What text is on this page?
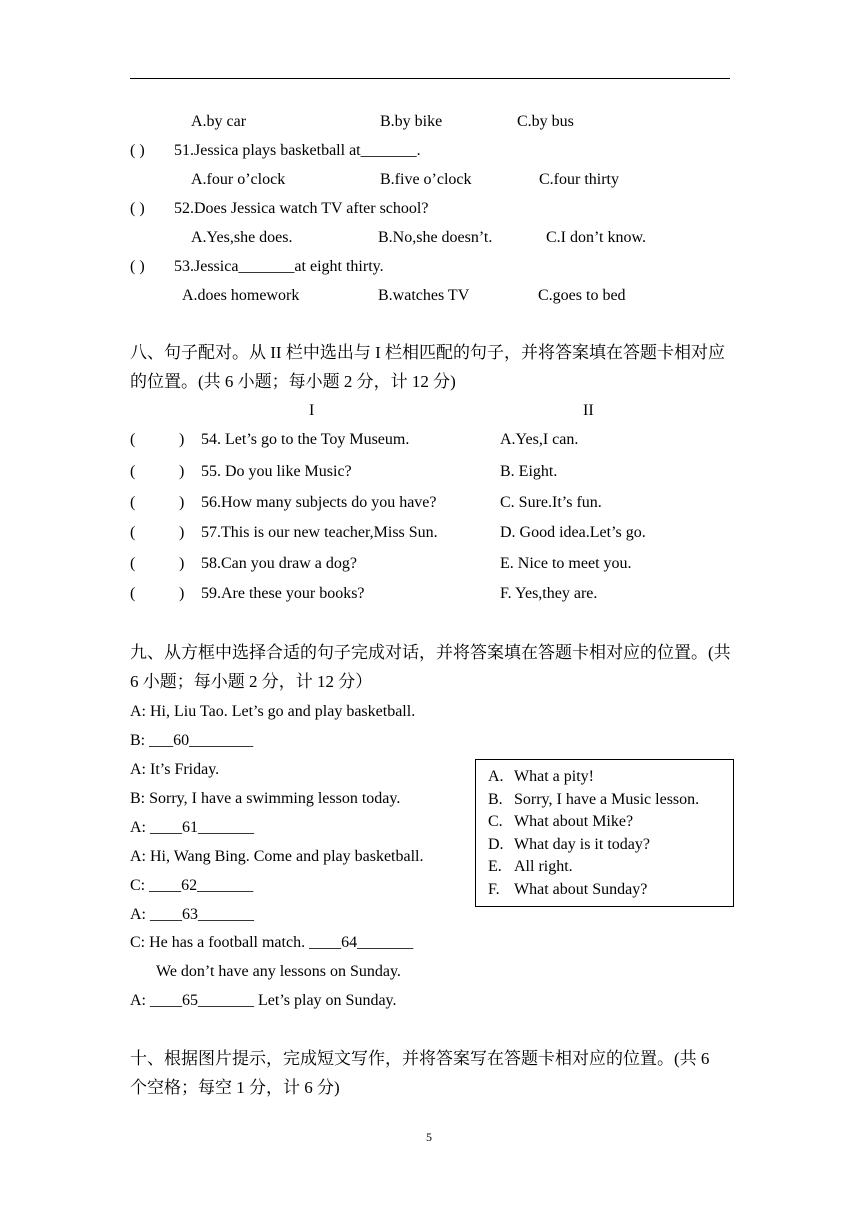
A.by car	B.by bike	C.by bus
( ) 51.Jessica plays basketball at_______.
A.four o’clock	B.five o’clock	C.four thirty
( ) 52.Does Jessica watch TV after school?
A.Yes,she does.	B.No,she doesn’t.	C.I don’t know.
( ) 53.Jessica_______at eight thirty.
A.does homework	B.watches TV	C.goes to bed
八、句子配对。从 II 栏中选出与 I 栏相匹配的句子，并将答案填在答题卡相对应
的位置。(共 6 小题；每小题 2 分，计 12 分)
I	II
(	) 54. Let’s go to the Toy Museum.	A.Yes,I can.
(	) 55. Do you like Music?	B. Eight.
(	) 56.How many subjects do you have?	C. Sure.It’s fun.
(	) 57.This is our new teacher,Miss Sun.	D. Good idea.Let’s go.
(	) 58.Can you draw a dog?	E. Nice to meet you.
(	) 59.Are these your books?	F. Yes,they are.
九、从方框中选择合适的句子完成对话，并将答案填在答题卡相对应的位置。(共
6 小题；每小题 2 分，计 12 分）
A: Hi, Liu Tao. Let’s go and play basketball.
B: ___60________
A: It’s Friday.
B: Sorry, I have a swimming lesson today.
A: ____61_______
A: Hi, Wang Bing. Come and play basketball.
C: ____62_______
A: ____63_______
C: He has a football match. ____64_______
We don’t have any lessons on Sunday.
A: ____65_______ Let’s play on Sunday.
A. What a pity!
B. Sorry, I have a Music lesson.
C. What about Mike?
D. What day is it today?
E. All right.
F. What about Sunday?
十、根据图片提示，完成短文写作，并将答案写在答题卡相对应的位置。(共 6
个空格；每空 1 分，计 6 分)
5
